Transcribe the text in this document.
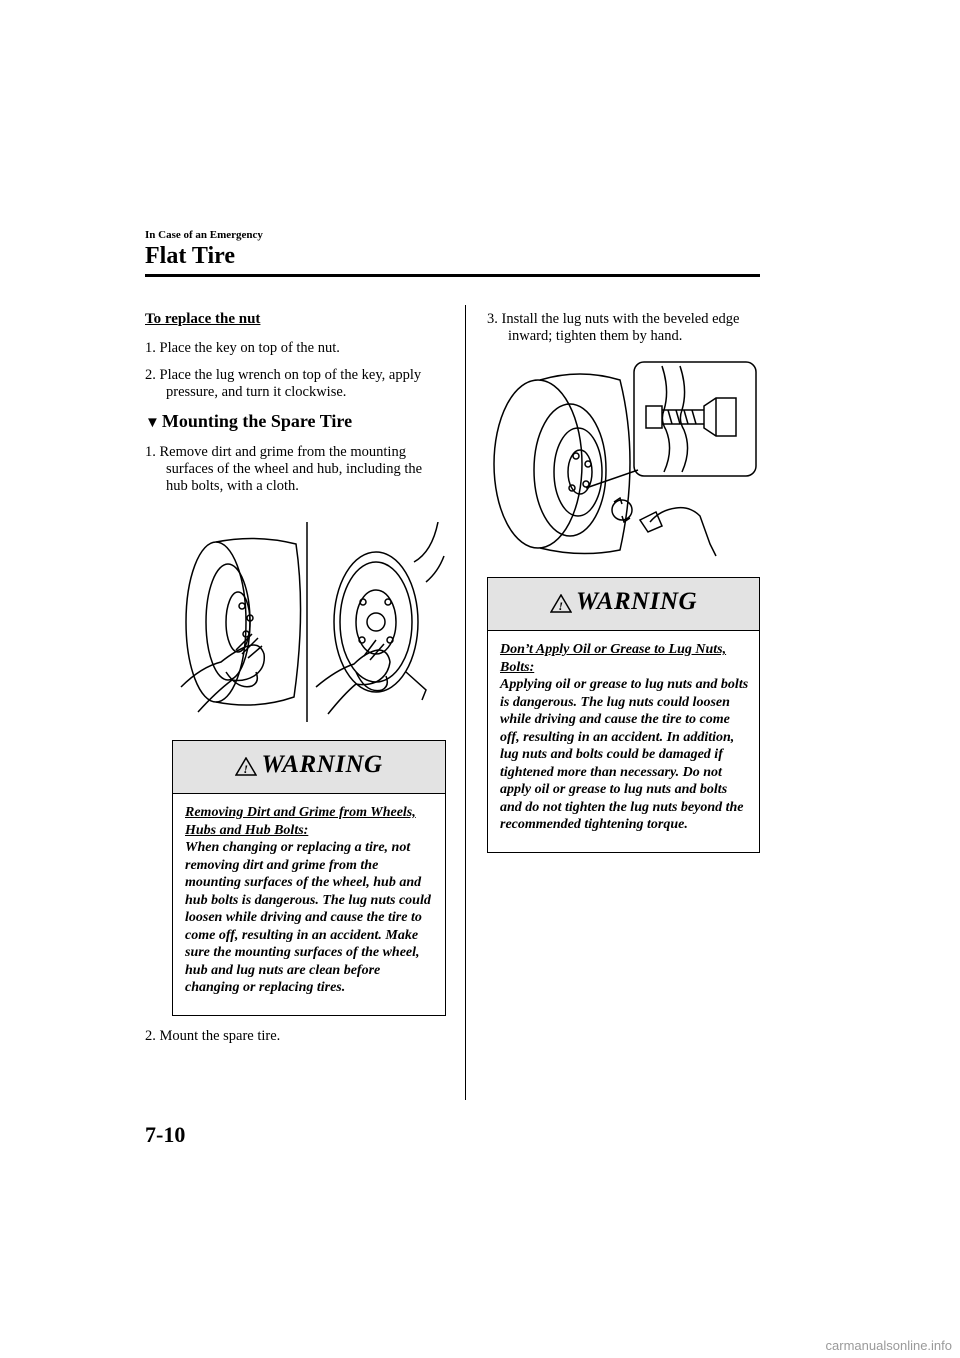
In Case of an Emergency
Flat Tire
To replace the nut
1. Place the key on top of the nut.
2. Place the lug wrench on top of the key, apply pressure, and turn it clockwise.
▼ Mounting the Spare Tire
1. Remove dirt and grime from the mounting surfaces of the wheel and hub, including the hub bolts, with a cloth.
! WARNING
Removing Dirt and Grime from Wheels, Hubs and Hub Bolts:
When changing or replacing a tire, not removing dirt and grime from the mounting surfaces of the wheel, hub and hub bolts is dangerous. The lug nuts could loosen while driving and cause the tire to come off, resulting in an accident. Make sure the mounting surfaces of the wheel, hub and lug nuts are clean before changing or replacing tires.
2. Mount the spare tire.
3. Install the lug nuts with the beveled edge inward; tighten them by hand.
! WARNING
Don’t Apply Oil or Grease to Lug Nuts, Bolts:
Applying oil or grease to lug nuts and bolts is dangerous. The lug nuts could loosen while driving and cause the tire to come off, resulting in an accident. In addition, lug nuts and bolts could be damaged if tightened more than necessary. Do not apply oil or grease to lug nuts and bolts and do not tighten the lug nuts beyond the recommended tightening torque.
7-10
carmanualsonline.info
